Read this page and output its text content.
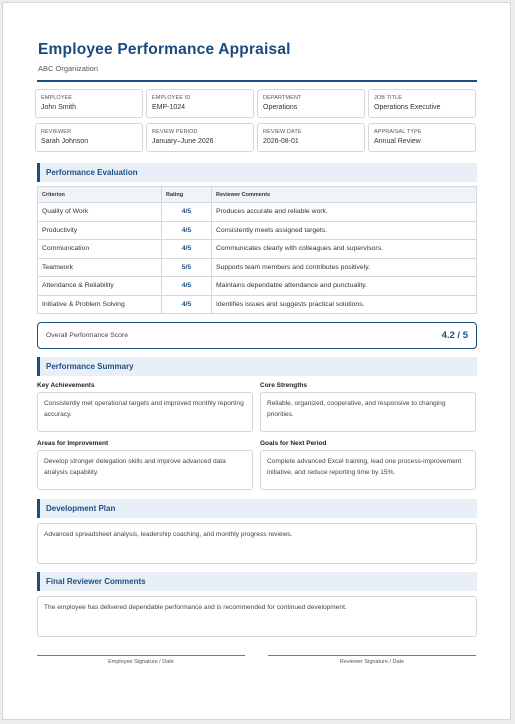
Employee Performance Appraisal
ABC Organization
EMPLOYEE
John Smith
EMPLOYEE ID
EMP-1024
DEPARTMENT
Operations
JOB TITLE
Operations Executive
REVIEWER
Sarah Johnson
REVIEW PERIOD
January–June 2026
REVIEW DATE
2026-08-01
APPRAISAL TYPE
Annual Review
Performance Evaluation
Criterion	Rating	Reviewer Comments
Quality of Work	4/5	Produces accurate and reliable work.
Productivity	4/5	Consistently meets assigned targets.
Communication	4/5	Communicates clearly with colleagues and supervisors.
Teamwork	5/5	Supports team members and contributes positively.
Attendance & Reliability	4/5	Maintains dependable attendance and punctuality.
Initiative & Problem Solving	4/5	Identifies issues and suggests practical solutions.
Overall Performance Score	4.2 / 5
Performance Summary
Key Achievements
Consistently met operational targets and improved monthly reporting accuracy.
Core Strengths
Reliable, organized, cooperative, and responsive to changing priorities.
Areas for Improvement
Develop stronger delegation skills and improve advanced data analysis capability.
Goals for Next Period
Complete advanced Excel training, lead one process-improvement initiative, and reduce reporting time by 15%.
Development Plan
Advanced spreadsheet analysis, leadership coaching, and monthly progress reviews.
Final Reviewer Comments
The employee has delivered dependable performance and is recommended for continued development.
Employee Signature / Date	Reviewer Signature / Date
